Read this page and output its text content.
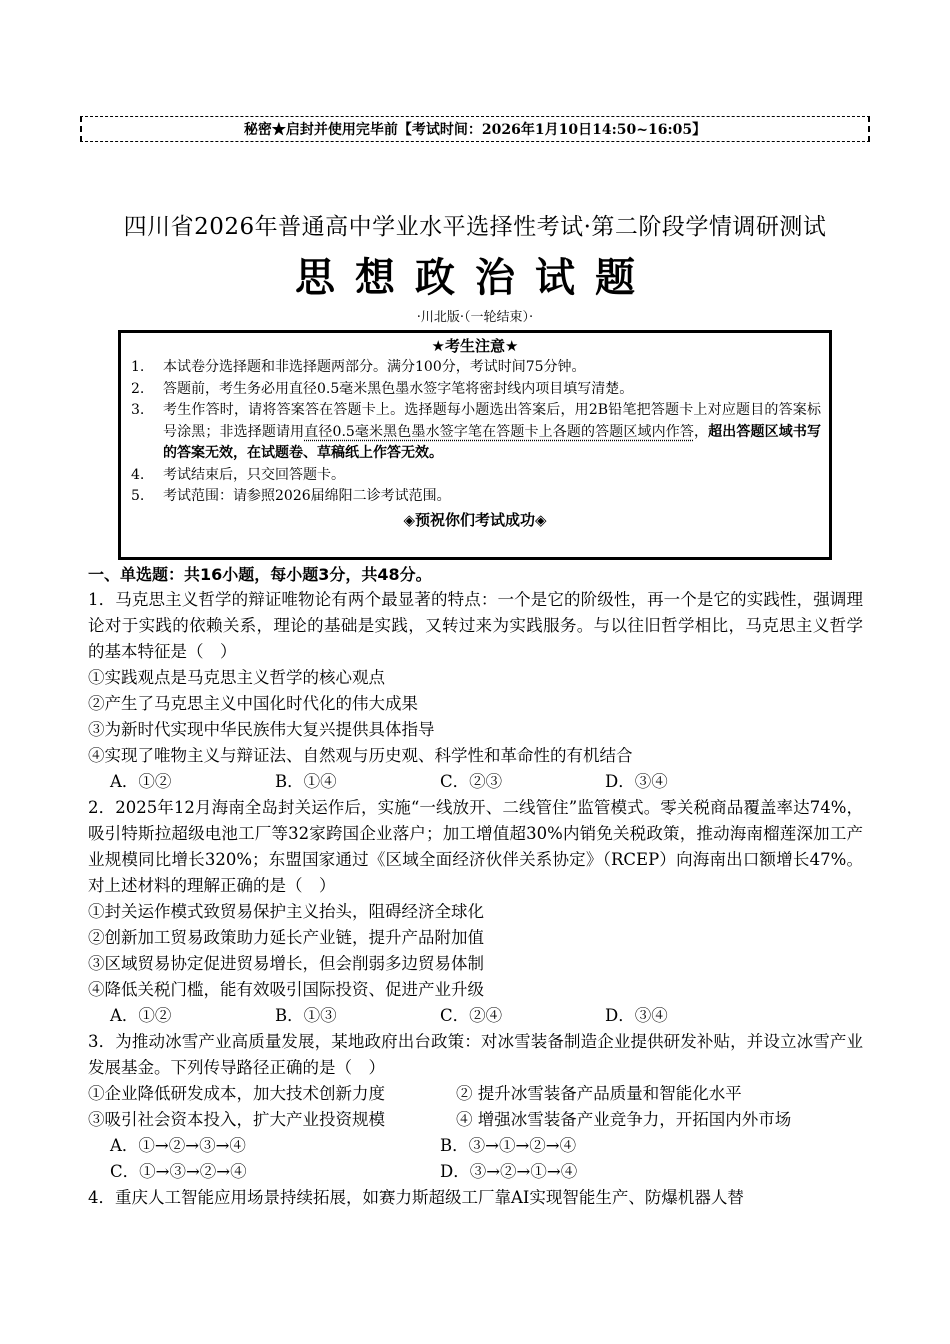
秘密★启封并使用完毕前【考试时间：2026年1月10日14:50~16:05】
四川省2026年普通高中学业水平选择性考试·第二阶段学情调研测试
思想政治试题
·川北版·（一轮结束）·
★考生注意★
1.	本试卷分选择题和非选择题两部分。满分100分，考试时间75分钟。
2.	答题前，考生务必用直径0.5毫米黑色墨水签字笔将密封线内项目填写清楚。
3.	考生作答时，请将答案答在答题卡上。选择题每小题选出答案后，用2B铅笔把答题卡上对应题目的答案标号涂黑；非选择题请用直径0.5毫米黑色墨水签字笔在答题卡上各题的答题区域内作答，超出答题区域书写的答案无效，在试题卷、草稿纸上作答无效。
4.	考试结束后，只交回答题卡。
5.	考试范围：请参照2026届绵阳二诊考试范围。
◈预祝你们考试成功◈
一、单选题：共16小题，每小题3分，共48分。
1．马克思主义哲学的辩证唯物论有两个最显著的特点：一个是它的阶级性，再一个是它的实践性，强调理论对于实践的依赖关系，理论的基础是实践，又转过来为实践服务。与以往旧哲学相比，马克思主义哲学的基本特征是（　）
①实践观点是马克思主义哲学的核心观点
②产生了马克思主义中国化时代化的伟大成果
③为新时代实现中华民族伟大复兴提供具体指导
④实现了唯物主义与辩证法、自然观与历史观、科学性和革命性的有机结合
A．①②	B．①④	C．②③	D．③④
2．2025年12月海南全岛封关运作后，实施“一线放开、二线管住”监管模式。零关税商品覆盖率达74%，吸引特斯拉超级电池工厂等32家跨国企业落户；加工增值超30%内销免关税政策，推动海南榴莲深加工产业规模同比增长320%；东盟国家通过《区域全面经济伙伴关系协定》（RCEP）向海南出口额增长47%。对上述材料的理解正确的是（　）
①封关运作模式致贸易保护主义抬头，阻碍经济全球化
②创新加工贸易政策助力延长产业链，提升产品附加值
③区域贸易协定促进贸易增长，但会削弱多边贸易体制
④降低关税门槛，能有效吸引国际投资、促进产业升级
A．①②	B．①③	C．②④	D．③④
3．为推动冰雪产业高质量发展，某地政府出台政策：对冰雪装备制造企业提供研发补贴，并设立冰雪产业发展基金。下列传导路径正确的是（　）
①企业降低研发成本，加大技术创新力度	② 提升冰雪装备产品质量和智能化水平
③吸引社会资本投入，扩大产业投资规模	④ 增强冰雪装备产业竞争力，开拓国内外市场
A．①→②→③→④	B．③→①→②→④
C．①→③→②→④	D．③→②→①→④
4．重庆人工智能应用场景持续拓展，如赛力斯超级工厂靠AI实现智能生产、防爆机器人替
